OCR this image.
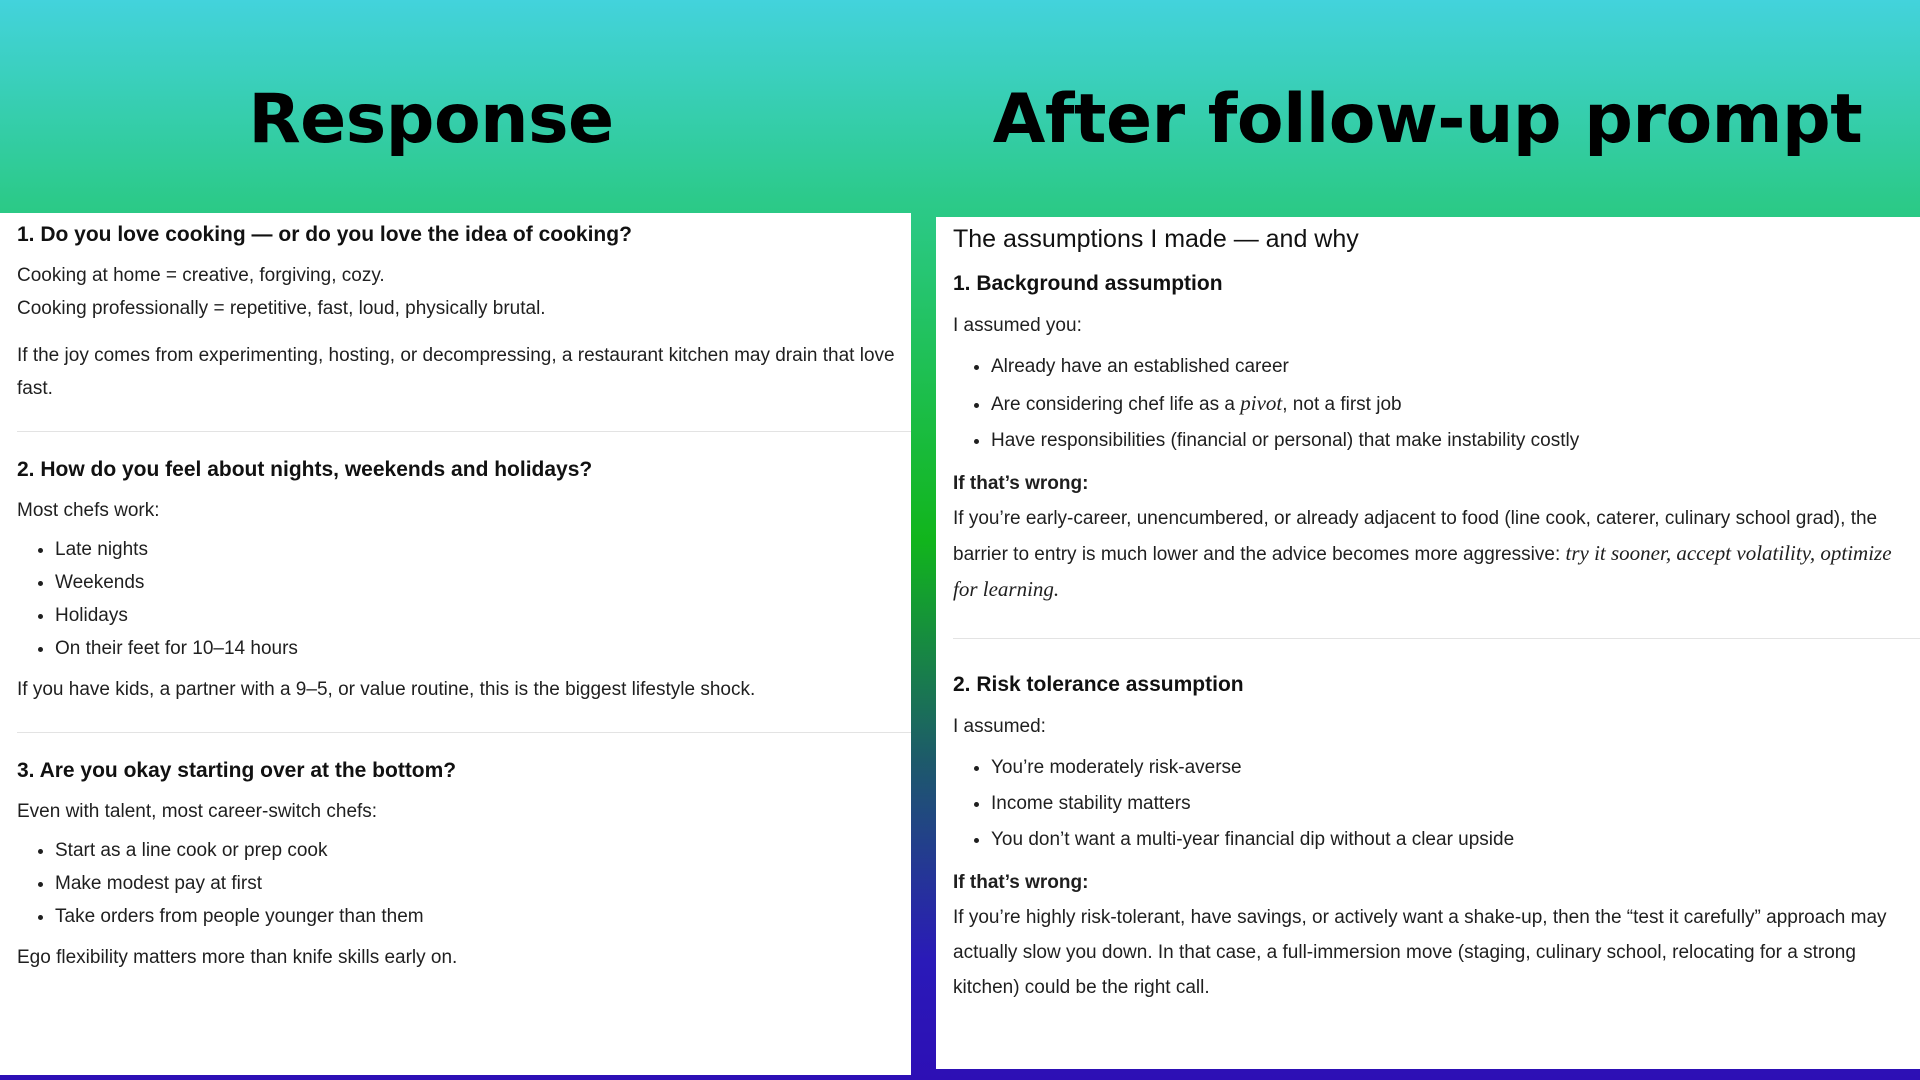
Response	After follow-up prompt
1. Do you love cooking — or do you love the idea of cooking?

Cooking at home = creative, forgiving, cozy.

Cooking professionally = repetitive, fast, loud, physically brutal.

If the joy comes from experimenting, hosting, or decompressing, a restaurant kitchen may drain that love fast.

2. How do you feel about nights, weekends and holidays?

Most chefs work:

• Late nights
• Weekends
• Holidays
• On their feet for 10–14 hours

If you have kids, a partner with a 9–5, or value routine, this is the biggest lifestyle shock.

3. Are you okay starting over at the bottom?

Even with talent, most career-switch chefs:

• Start as a line cook or prep cook
• Make modest pay at first
• Take orders from people younger than them

Ego flexibility matters more than knife skills early on.

The assumptions I made — and why
1. Background assumption

I assumed you:

• Already have an established career
• Are considering chef life as a pivot, not a first job
• Have responsibilities (financial or personal) that make instability costly
If that’s wrong:

If you’re early-career, unencumbered, or already adjacent to food (line cook, caterer, culinary school grad), the barrier to entry is much lower and the advice becomes more aggressive: try it sooner, accept volatility, optimize for learning.

2. Risk tolerance assumption

I assumed:

• You’re moderately risk-averse
• Income stability matters
• You don’t want a multi-year financial dip without a clear upside
If that’s wrong:

If you’re highly risk-tolerant, have savings, or actively want a shake-up, then the “test it carefully” approach may actually slow you down. In that case, a full-immersion move (staging, culinary school, relocating for a strong kitchen) could be the right call.
